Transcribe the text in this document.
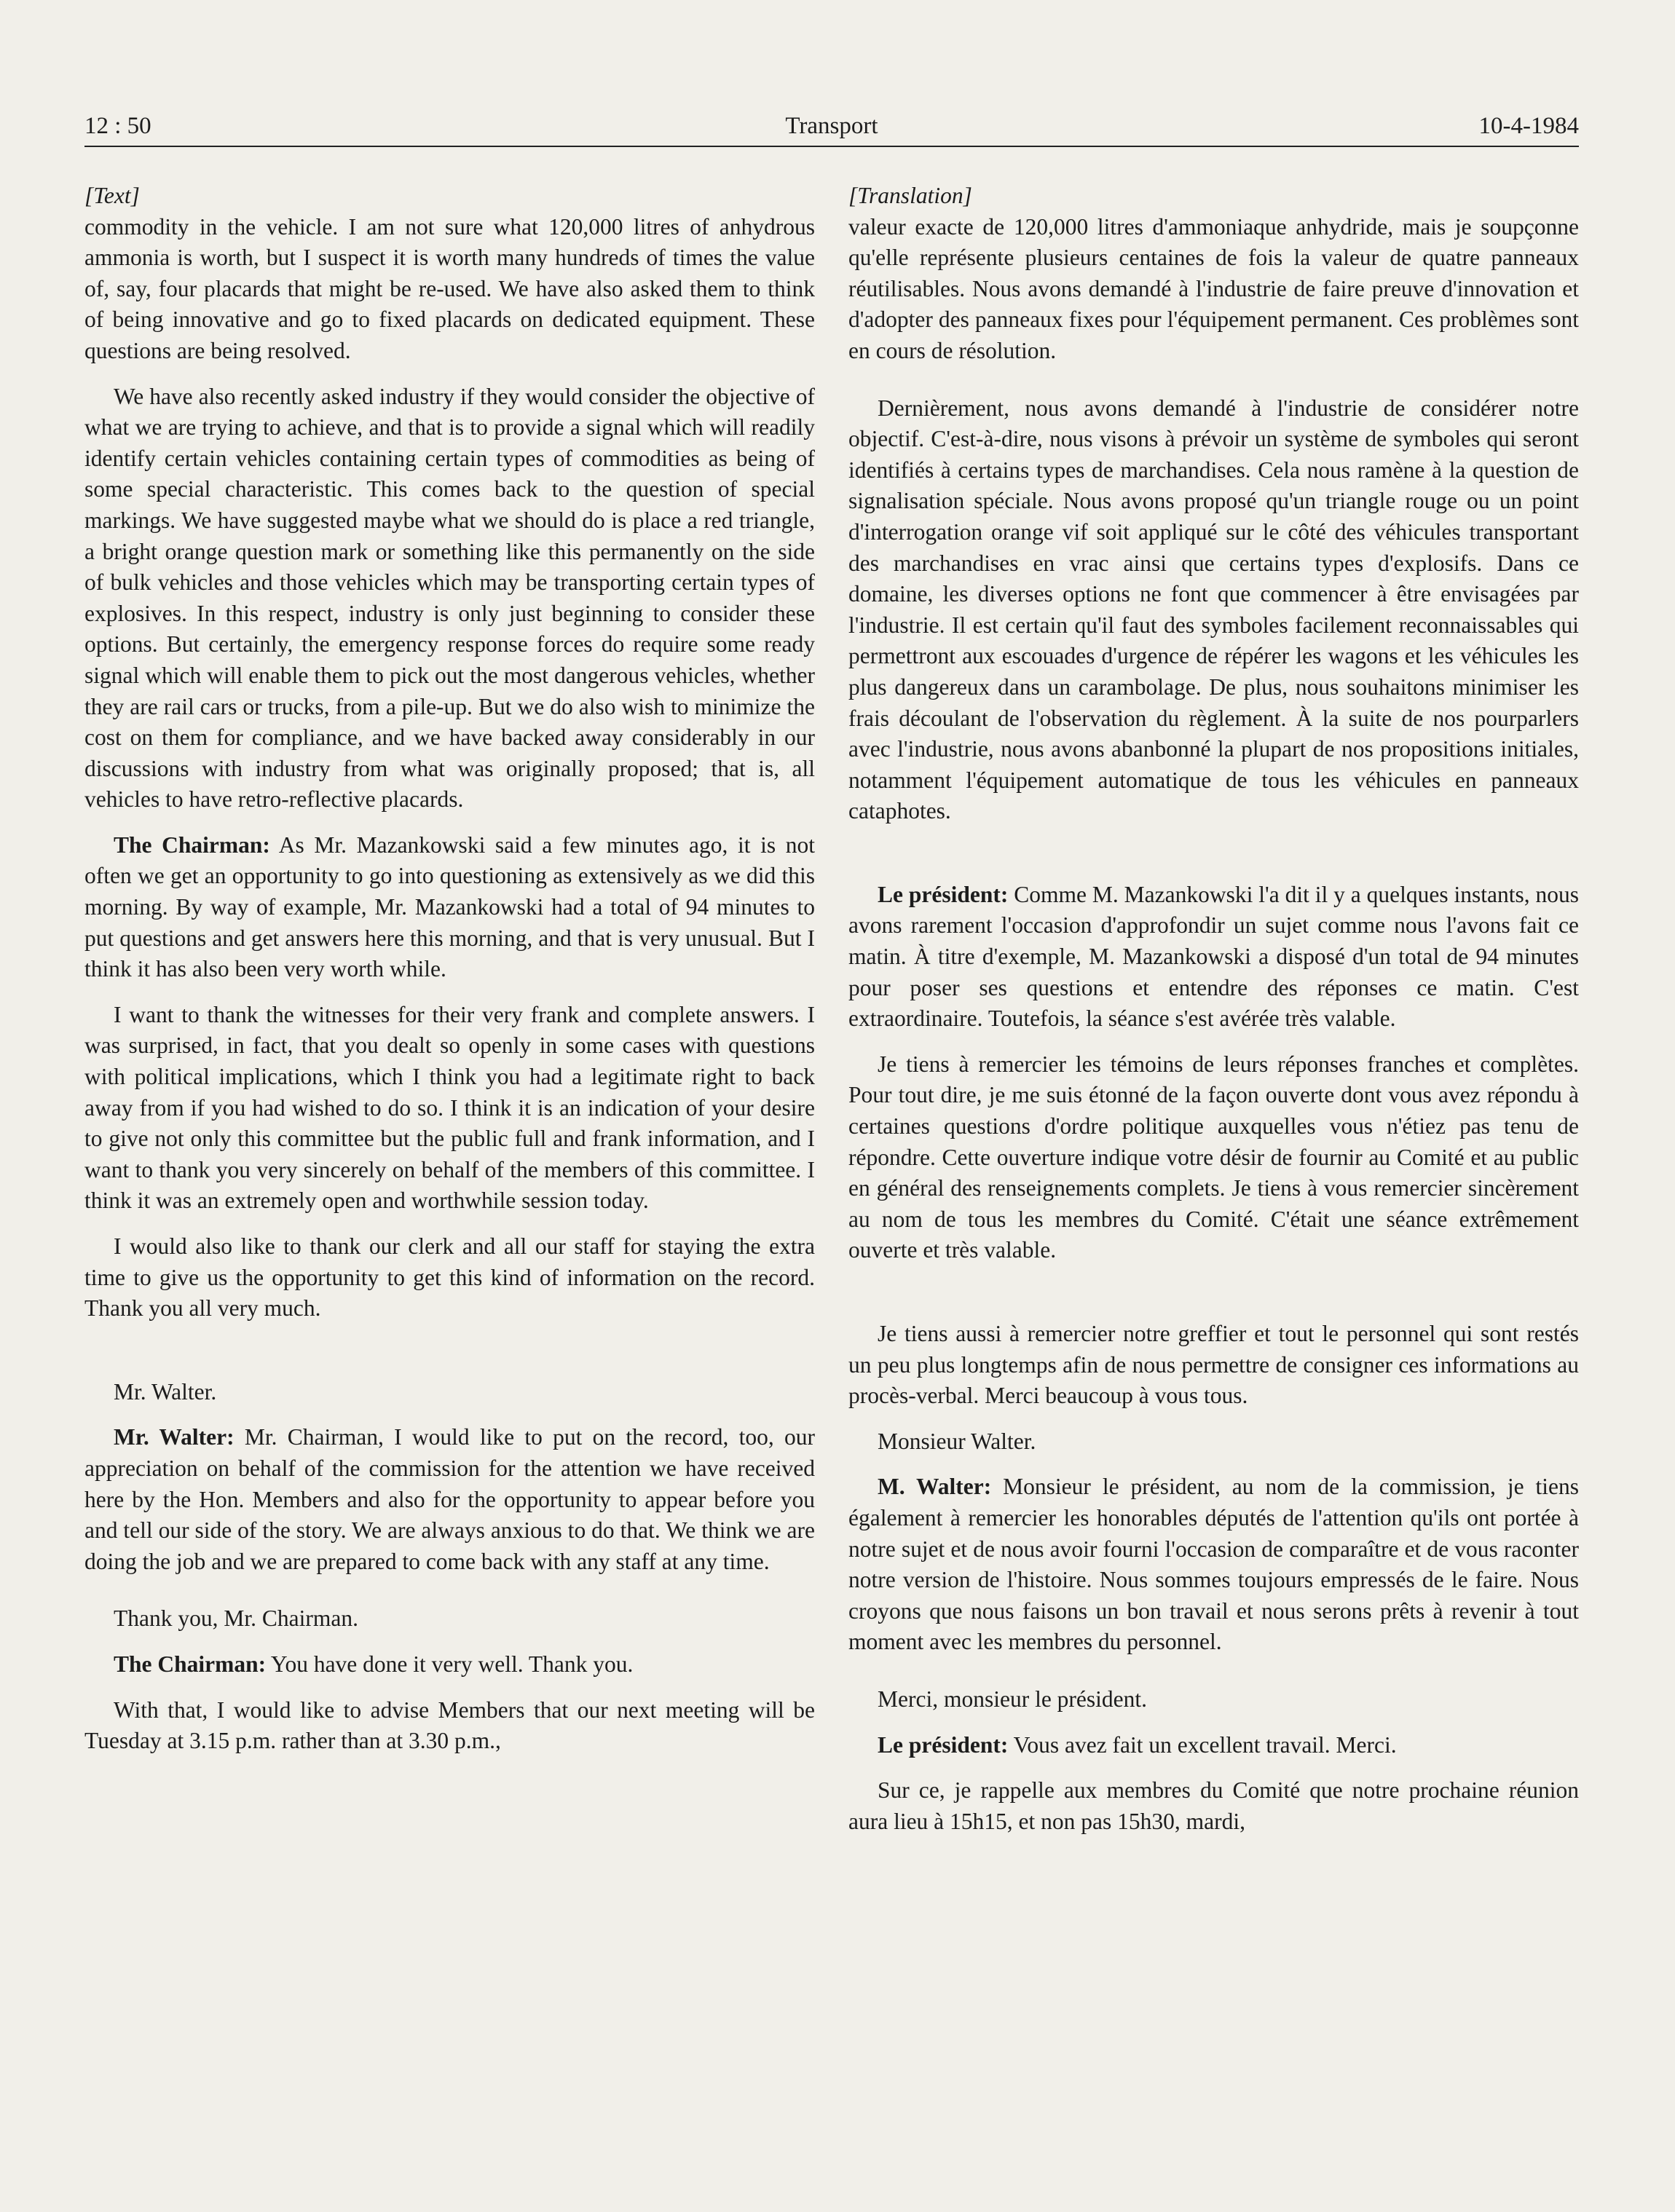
12 : 50	Transport	10-4-1984

[Text]

commodity in the vehicle. I am not sure what 120,000 litres of anhydrous ammonia is worth, but I suspect it is worth many hundreds of times the value of, say, four placards that might be re-used. We have also asked them to think of being innovative and go to fixed placards on dedicated equipment. These questions are being resolved.

We have also recently asked industry if they would consider the objective of what we are trying to achieve, and that is to provide a signal which will readily identify certain vehicles containing certain types of commodities as being of some special characteristic. This comes back to the question of special markings. We have suggested maybe what we should do is place a red triangle, a bright orange question mark or something like this permanently on the side of bulk vehicles and those vehicles which may be transporting certain types of explosives. In this respect, industry is only just beginning to consider these options. But certainly, the emergency response forces do require some ready signal which will enable them to pick out the most dangerous vehicles, whether they are rail cars or trucks, from a pile-up. But we do also wish to minimize the cost on them for compliance, and we have backed away considerably in our discussions with industry from what was originally proposed; that is, all vehicles to have retro-reflective placards.

The Chairman: As Mr. Mazankowski said a few minutes ago, it is not often we get an opportunity to go into questioning as extensively as we did this morning. By way of example, Mr. Mazankowski had a total of 94 minutes to put questions and get answers here this morning, and that is very unusual. But I think it has also been very worth while.

I want to thank the witnesses for their very frank and complete answers. I was surprised, in fact, that you dealt so openly in some cases with questions with political implications, which I think you had a legitimate right to back away from if you had wished to do so. I think it is an indication of your desire to give not only this committee but the public full and frank information, and I want to thank you very sincerely on behalf of the members of this committee. I think it was an extremely open and worthwhile session today.

I would also like to thank our clerk and all our staff for staying the extra time to give us the opportunity to get this kind of information on the record. Thank you all very much.

Mr. Walter.

Mr. Walter: Mr. Chairman, I would like to put on the record, too, our appreciation on behalf of the commission for the attention we have received here by the Hon. Members and also for the opportunity to appear before you and tell our side of the story. We are always anxious to do that. We think we are doing the job and we are prepared to come back with any staff at any time.

Thank you, Mr. Chairman.

The Chairman: You have done it very well. Thank you.

With that, I would like to advise Members that our next meeting will be Tuesday at 3.15 p.m. rather than at 3.30 p.m.,

[Translation]

valeur exacte de 120,000 litres d'ammoniaque anhydride, mais je soupçonne qu'elle représente plusieurs centaines de fois la valeur de quatre panneaux réutilisables. Nous avons demandé à l'industrie de faire preuve d'innovation et d'adopter des panneaux fixes pour l'équipement permanent. Ces problèmes sont en cours de résolution.

Dernièrement, nous avons demandé à l'industrie de considérer notre objectif. C'est-à-dire, nous visons à prévoir un système de symboles qui seront identifiés à certains types de marchandises. Cela nous ramène à la question de signalisation spéciale. Nous avons proposé qu'un triangle rouge ou un point d'interrogation orange vif soit appliqué sur le côté des véhicules transportant des marchandises en vrac ainsi que certains types d'explosifs. Dans ce domaine, les diverses options ne font que commencer à être envisagées par l'industrie. Il est certain qu'il faut des symboles facilement reconnaissables qui permettront aux escouades d'urgence de répérer les wagons et les véhicules les plus dangereux dans un carambolage. De plus, nous souhaitons minimiser les frais découlant de l'observation du règlement. À la suite de nos pourparlers avec l'industrie, nous avons abanbonné la plupart de nos propositions initiales, notamment l'équipement automatique de tous les véhicules en panneaux cataphotes.

Le président: Comme M. Mazankowski l'a dit il y a quelques instants, nous avons rarement l'occasion d'approfondir un sujet comme nous l'avons fait ce matin. À titre d'exemple, M. Mazankowski a disposé d'un total de 94 minutes pour poser ses questions et entendre des réponses ce matin. C'est extraordinaire. Toutefois, la séance s'est avérée très valable.

Je tiens à remercier les témoins de leurs réponses franches et complètes. Pour tout dire, je me suis étonné de la façon ouverte dont vous avez répondu à certaines questions d'ordre politique auxquelles vous n'étiez pas tenu de répondre. Cette ouverture indique votre désir de fournir au Comité et au public en général des renseignements complets. Je tiens à vous remercier sincèrement au nom de tous les membres du Comité. C'était une séance extrêmement ouverte et très valable.

Je tiens aussi à remercier notre greffier et tout le personnel qui sont restés un peu plus longtemps afin de nous permettre de consigner ces informations au procès-verbal. Merci beaucoup à vous tous.

Monsieur Walter.

M. Walter: Monsieur le président, au nom de la commission, je tiens également à remercier les honorables députés de l'attention qu'ils ont portée à notre sujet et de nous avoir fourni l'occasion de comparaître et de vous raconter notre version de l'histoire. Nous sommes toujours empressés de le faire. Nous croyons que nous faisons un bon travail et nous serons prêts à revenir à tout moment avec les membres du personnel.

Merci, monsieur le président.

Le président: Vous avez fait un excellent travail. Merci.

Sur ce, je rappelle aux membres du Comité que notre prochaine réunion aura lieu à 15h15, et non pas 15h30, mardi,
